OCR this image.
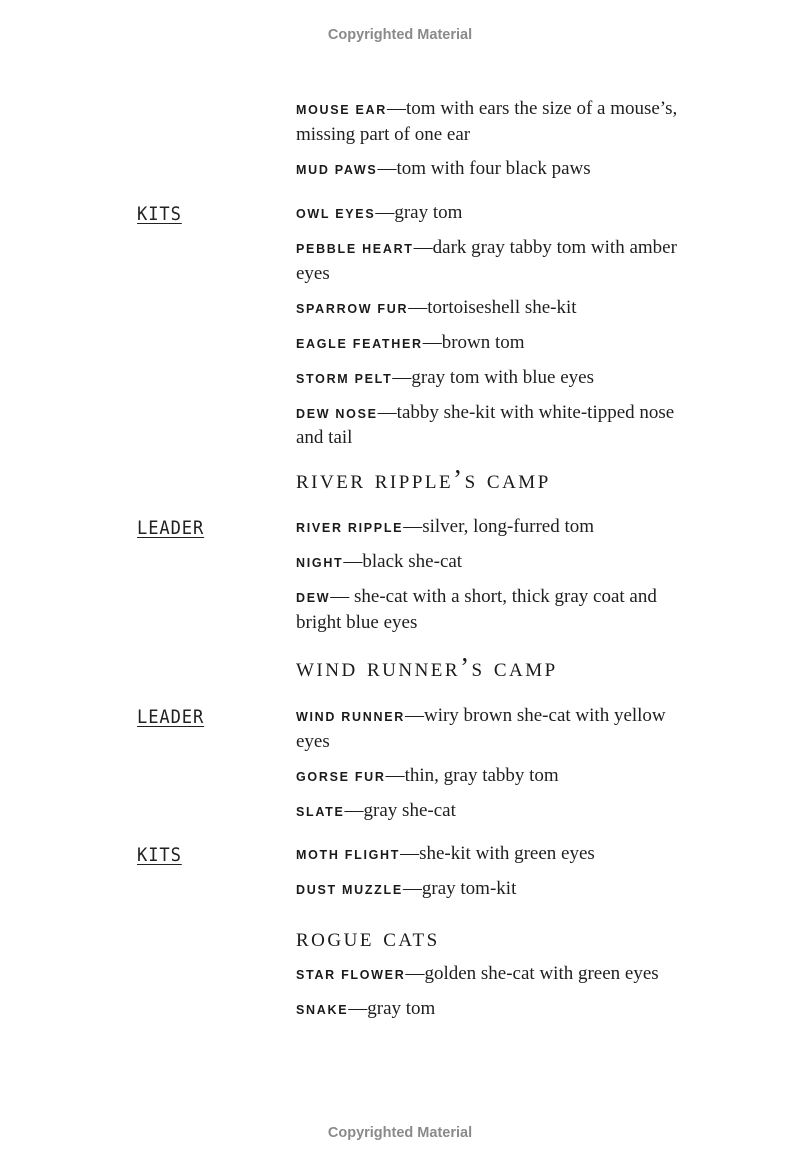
Copyrighted Material

MOUSE EAR—tom with ears the size of a mouse’s, missing part of one ear

MUD PAWS—tom with four black paws

KITS	OWL EYES—gray tom

PEBBLE HEART—dark gray tabby tom with amber eyes

SPARROW FUR—tortoiseshell she-kit

EAGLE FEATHER—brown tom

STORM PELT—gray tom with blue eyes

DEW NOSE—tabby she-kit with white-tipped nose and tail

river ripple’s camp
LEADER	RIVER RIPPLE—silver, long-furred tom

NIGHT—black she-cat

DEW— she-cat with a short, thick gray coat and bright blue eyes

wind runner’s camp
LEADER	WIND RUNNER—wiry brown she-cat with yellow eyes

GORSE FUR—thin, gray tabby tom

SLATE—gray she-cat

KITS	MOTH FLIGHT—she-kit with green eyes

DUST MUZZLE—gray tom-kit

rogue cats

STAR FLOWER—golden she-cat with green eyes

SNAKE—gray tom

Copyrighted Material
